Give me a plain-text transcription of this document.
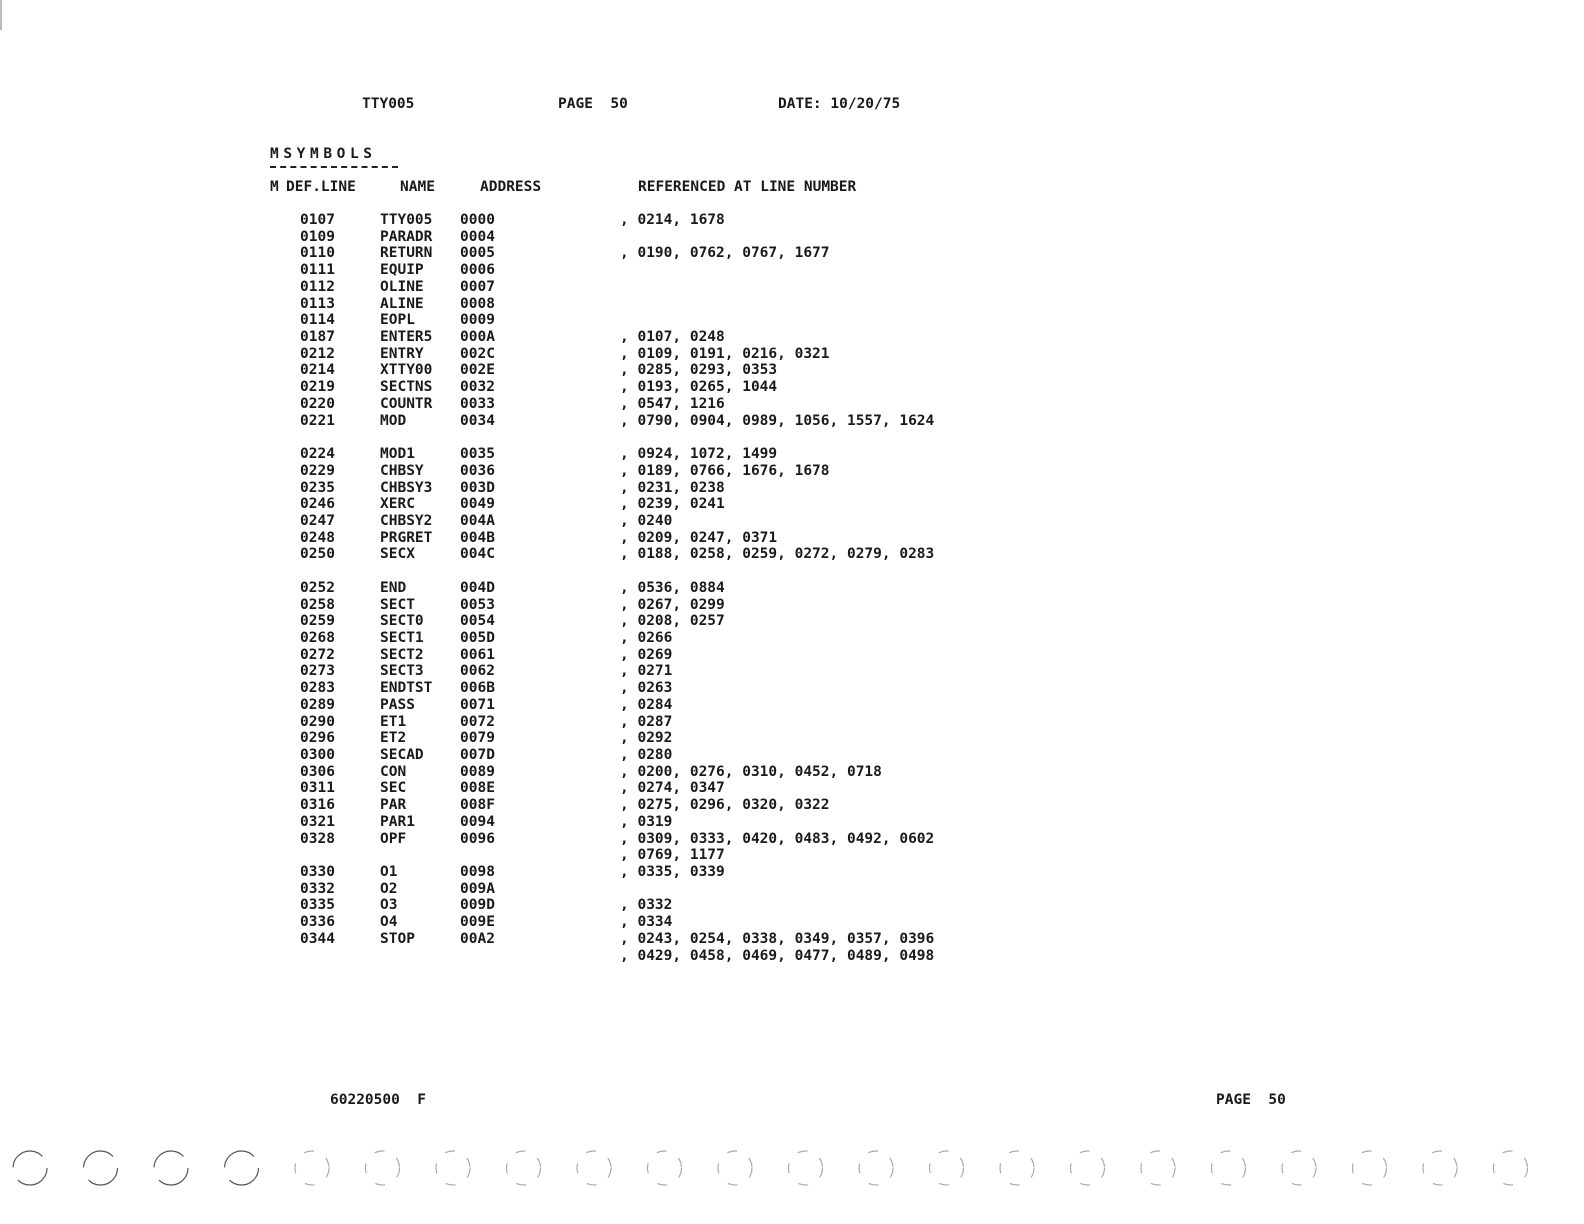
TTY005	PAGE  50	DATE: 10/20/75
MSYMBOLS
M DEF.LINE	NAME	ADDRESS	REFERENCED AT LINE NUMBER
0107	TTY005 0000	, 0214, 1678
0109	PARADR 0004
0110	RETURN 0005	, 0190, 0762, 0767, 1677
0111	EQUIP	0006
0112	OLINE	0007
0113	ALINE	0008
0114	EOPL	0009
0187	ENTER5 000A	, 0107, 0248
0212	ENTRY	002C	, 0109, 0191, 0216, 0321
0214	XTTY00 002E	, 0285, 0293, 0353
0219	SECTNS 0032	, 0193, 0265, 1044
0220	COUNTR 0033	, 0547, 1216
0221	MOD	0034	, 0790, 0904, 0989, 1056, 1557, 1624
0224	MOD1	0035	, 0924, 1072, 1499
0229	CHBSY	0036	, 0189, 0766, 1676, 1678
0235	CHBSY3 003D	, 0231, 0238
0246	XERC	0049	, 0239, 0241
0247	CHBSY2 004A	, 0240
0248	PRGRET 004B	, 0209, 0247, 0371
0250	SECX	004C	, 0188, 0258, 0259, 0272, 0279, 0283
0252	END	004D	, 0536, 0884
0258	SECT	0053	, 0267, 0299
0259	SECT0	0054	, 0208, 0257
0268	SECT1	005D	, 0266
0272	SECT2	0061	, 0269
0273	SECT3	0062	, 0271
0283	ENDTST 006B	, 0263
0289	PASS	0071	, 0284
0290	ET1	0072	, 0287
0296	ET2	0079	, 0292
0300	SECAD	007D	, 0280
0306	CON	0089	, 0200, 0276, 0310, 0452, 0718
0311	SEC	008E	, 0274, 0347
0316	PAR	008F	, 0275, 0296, 0320, 0322
0321	PAR1	0094	, 0319
0328	OPF	0096	, 0309, 0333, 0420, 0483, 0492, 0602
, 0769, 1177
0330	O1	0098	, 0335, 0339
0332	O2	009A
0335	O3	009D	, 0332
0336	O4	009E	, 0334
0344	STOP	00A2	, 0243, 0254, 0338, 0349, 0357, 0396
, 0429, 0458, 0469, 0477, 0489, 0498
60220500  F	PAGE  50
